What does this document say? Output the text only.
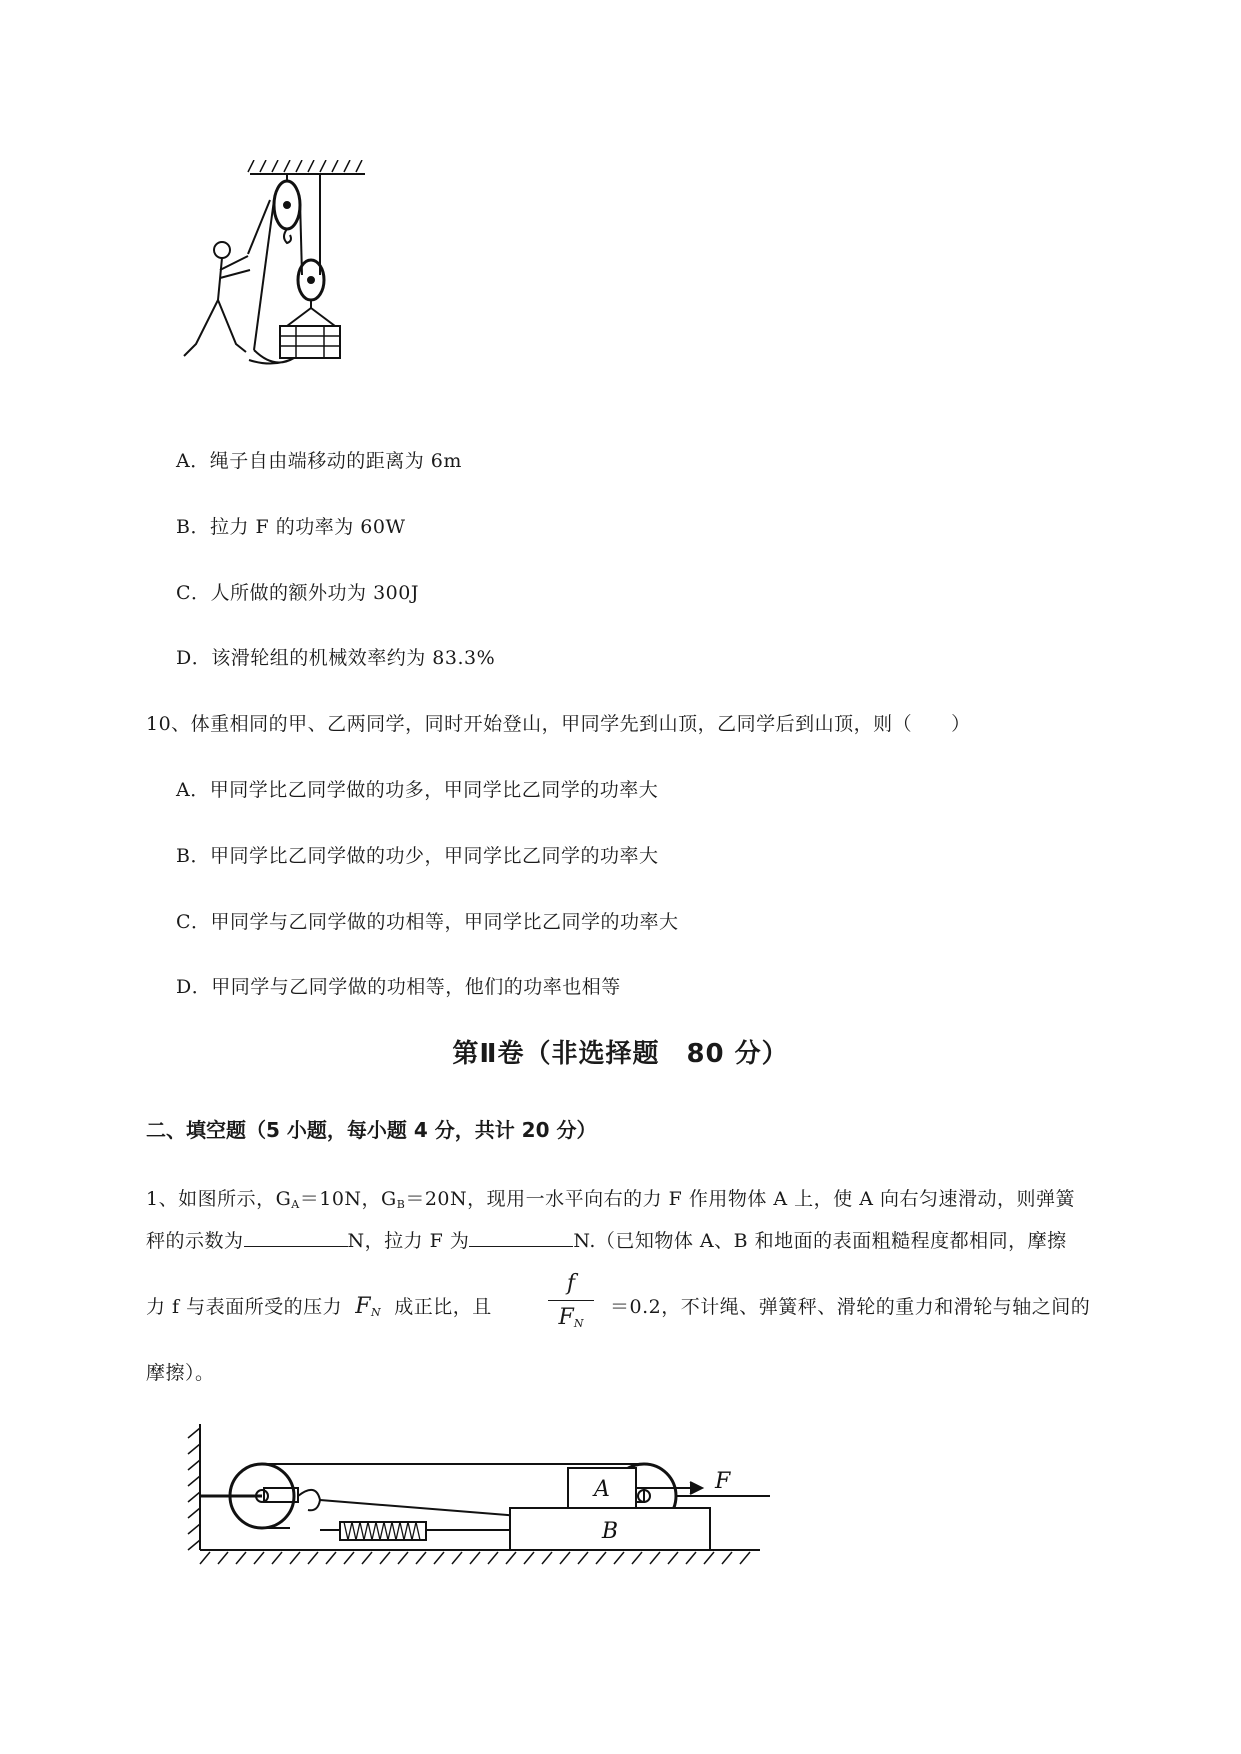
A．绳子自由端移动的距离为 6m
B．拉力 F 的功率为 60W
C．人所做的额外功为 300J
D．该滑轮组的机械效率约为 83.3%
10、体重相同的甲、乙两同学，同时开始登山，甲同学先到山顶，乙同学后到山顶，则（　　）
A．甲同学比乙同学做的功多，甲同学比乙同学的功率大
B．甲同学比乙同学做的功少，甲同学比乙同学的功率大
C．甲同学与乙同学做的功相等，甲同学比乙同学的功率大
D．甲同学与乙同学做的功相等，他们的功率也相等
第Ⅱ卷（非选择题　80 分）
二、填空题（5 小题，每小题 4 分，共计 20 分）
1、如图所示，$G_A=10N$，$G_B=20N$，现用一水平向右的力 F 作用物体 A 上，使 A 向右匀速滑动，则弹簧
秤的示数为	N，拉力 F 为	N.（已知物体 A、B 和地面的表面粗糙程度都相同，摩擦
力 f 与表面所受的压力 $F_N$ 成正比，且
f
$F_N$
＝0.2，不计绳、弹簧秤、滑轮的重力和滑轮与轴之间的
摩擦）。
A
B
F
